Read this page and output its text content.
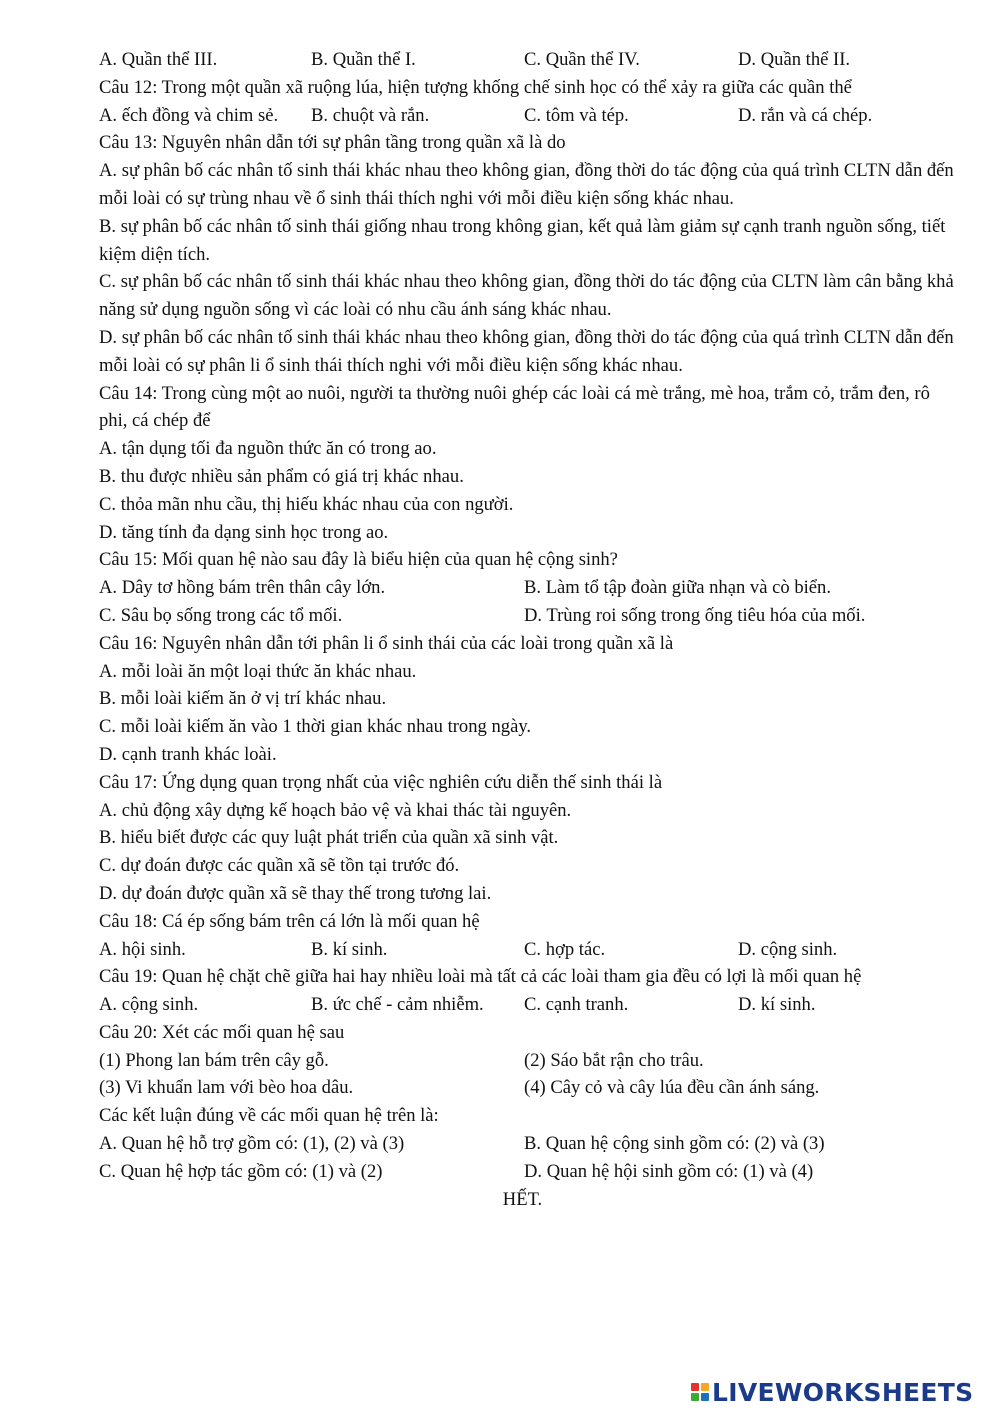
A. Quần thể III.	B. Quần thể I.	C. Quần thể IV.	D. Quần thể II.
Câu 12: Trong một quần xã ruộng lúa, hiện tượng khống chế sinh học có thể xảy ra giữa các quần thể
A. ếch đồng và chim sẻ.	B. chuột và rắn.	C. tôm và tép.	D. rắn và cá chép.
Câu 13: Nguyên nhân dẫn tới sự phân tầng trong quần xã là do
A. sự phân bố các nhân tố sinh thái khác nhau theo không gian, đồng thời do tác động của quá trình CLTN dẫn đến mỗi loài có sự trùng nhau về ổ sinh thái thích nghi với mỗi điều kiện sống khác nhau.
B. sự phân bố các nhân tố sinh thái giống nhau trong không gian, kết quả làm giảm sự cạnh tranh nguồn sống, tiết kiệm diện tích.
C. sự phân bố các nhân tố sinh thái khác nhau theo không gian, đồng thời do tác động của CLTN làm cân bằng khả năng sử dụng nguồn sống vì các loài có nhu cầu ánh sáng khác nhau.
D. sự phân bố các nhân tố sinh thái khác nhau theo không gian, đồng thời do tác động của quá trình CLTN dẫn đến mỗi loài có sự phân li ổ sinh thái thích nghi với mỗi điều kiện sống khác nhau.
Câu 14: Trong cùng một ao nuôi, người ta thường nuôi ghép các loài cá mè trắng, mè hoa, trắm cỏ, trắm đen, rô phi, cá chép để
A. tận dụng tối đa nguồn thức ăn có trong ao.
B. thu được nhiều sản phẩm có giá trị khác nhau.
C. thỏa mãn nhu cầu, thị hiếu khác nhau của con người.
D. tăng tính đa dạng sinh học trong ao.
Câu 15: Mối quan hệ nào sau đây là biểu hiện của quan hệ cộng sinh?
A. Dây tơ hồng bám trên thân cây lớn.	B. Làm tổ tập đoàn giữa nhạn và cò biển.
C. Sâu bọ sống trong các tổ mối.	D. Trùng roi sống trong ống tiêu hóa của mối.
Câu 16: Nguyên nhân dẫn tới phân li ổ sinh thái của các loài trong quần xã là
A. mỗi loài ăn một loại thức ăn khác nhau.
B. mỗi loài kiếm ăn ở vị trí khác nhau.
C. mỗi loài kiếm ăn vào 1 thời gian khác nhau trong ngày.
D. cạnh tranh khác loài.
Câu 17: Ứng dụng quan trọng nhất của việc nghiên cứu diễn thế sinh thái là
A. chủ động xây dựng kế hoạch bảo vệ và khai thác tài nguyên.
B. hiểu biết được các quy luật phát triển của quần xã sinh vật.
C. dự đoán được các quần xã sẽ tồn tại trước đó.
D. dự đoán được quần xã sẽ thay thế trong tương lai.
Câu 18: Cá ép sống bám trên cá lớn là mối quan hệ
A. hội sinh.	B. kí sinh.	C. hợp tác.	D. cộng sinh.
Câu 19: Quan hệ chặt chẽ giữa hai hay nhiều loài mà tất cả các loài tham gia đều có lợi là mối quan hệ
A. cộng sinh.	B. ức chế - cảm nhiễm.	C. cạnh tranh.	D. kí sinh.
Câu 20: Xét các mối quan hệ sau
(1) Phong lan bám trên cây gỗ.	(2) Sáo bắt rận cho trâu.
(3) Vi khuẩn lam với bèo hoa dâu.	(4) Cây cỏ và cây lúa đều cần ánh sáng.
Các kết luận đúng về các mối quan hệ trên là:
A. Quan hệ hỗ trợ gồm có: (1), (2) và (3)	B. Quan hệ cộng sinh gồm có: (2) và (3)
C. Quan hệ hợp tác gồm có: (1) và (2)	D. Quan hệ hội sinh gồm có: (1) và (4)
HẾT.
LIVEWORKSHEETS
